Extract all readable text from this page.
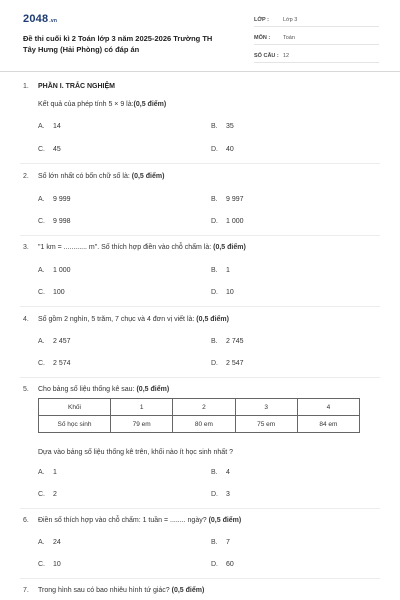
2048.vn
Đề thi cuối kì 2 Toán lớp 3 năm 2025-2026 Trường TH Tây Hưng (Hải Phòng) có đáp án
LỚP :	Lớp 3
MÔN : Toán
SỐ CÂU : 12
1. PHẦN I. TRẮC NGHIỆM
Kết quả của phép tính 5 × 9 là:(0,5 điểm)
A. 14	B. 35
C. 45	D. 40
2. Số lớn nhất có bốn chữ số là: (0,5 điểm)
A. 9 999	B. 9 997
C. 9 998	D. 1 000
3. "1 km = ............ m". Số thích hợp điền vào chỗ chấm là: (0,5 điểm)
A. 1 000	B. 1
C. 100	D. 10
4. Số gồm 2 nghìn, 5 trăm, 7 chục và 4 đơn vị viết là: (0,5 điểm)
A. 2 457	B. 2 745
C. 2 574	D. 2 547
5. Cho bảng số liệu thống kê sau: (0,5 điểm)
Khối	1	2	3	4
Số học sinh	79 em	80 em	75 em	84 em
Dựa vào bảng số liệu thống kê trên, khối nào ít học sinh nhất ?
A. 1	B. 4
C. 2	D. 3
6. Điền số thích hợp vào chỗ chấm: 1 tuần = ........ ngày? (0,5 điểm)
A. 24	B. 7
C. 10	D. 60
7. Trong hình sau có bao nhiêu hình tứ giác? (0,5 điểm)
